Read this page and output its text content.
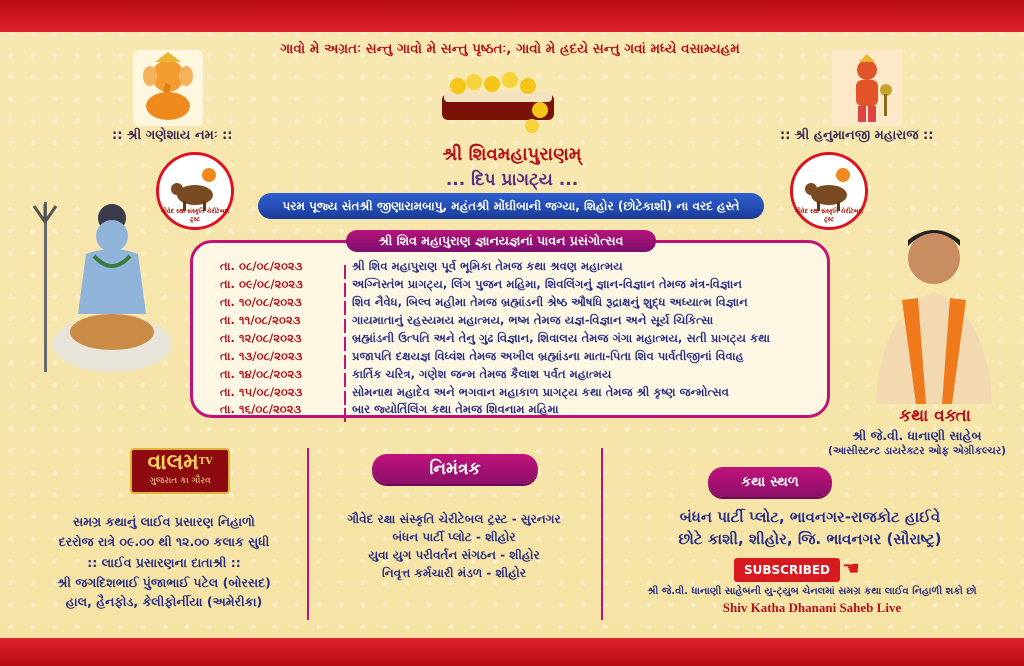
ગાવો મે અગ્રતઃ સન્તુ ગાવો મે સન્તુ પૃષ્ઠતઃ, ગાવો મે હ્રદયે સન્તુ ગવાં મધ્યે વસામ્યહમ
:: શ્રી ગણેશાય નમઃ ::	:: શ્રી હનુમાનજી મહારાજ ::
શ્રી શિવમહાપુરાણમ્
... દિપ પ્રાગટ્ય ...
ગૌવેદ રક્ષા સંસ્કૃતિ ચેરીટેબલ ટ્રસ્ટ
ગૌવેદ રક્ષા સંસ્કૃતિ ચેરીટેબલ ટ્રસ્ટ
પરમ પૂજ્ય સંતશ્રી જીણારામબાપુ, મહંતશ્રી મોંઘીબાની જગ્યા, શિહોર (છોટેકાશી) ના વરદ હસ્તે
કથા વક્તા
શ્રી જે.વી. ધાનાણી સાહેબ
(આસીસ્ટન્ટ ડાયરેક્ટર ઓફ એગ્રીકલ્ચર)
શ્રી શિવ મહાપુરાણ જ્ઞાનયજ્ઞનાં પાવન પ્રસંગોત્સવ
તા. ૦૮/૦૮/૨૦૨૩	શ્રી શિવ મહાપુરાણ પૂર્વ ભૂમિકા તેમજ કથા શ્રવણ મહાત્મય
તા. ૦૯/૦૮/૨૦૨૩	અગ્નિસ્તંભ પ્રાગટ્ય, લિંગ પુજન મહિમા, શિવલિંગનું જ્ઞાન-વિજ્ઞાન તેમજ મંત્ર-વિજ્ઞાન
તા. ૧૦/૦૮/૨૦૨૩	શિવ નૈવેધ, બિલ્વ મહીમા તેમજ બ્રહ્માંડની શ્રેષ્ઠ ઔષધિ રૂદ્રાક્ષનું શુદ્ધ અધ્યાત્મ વિજ્ઞાન
તા. ૧૧/૦૮/૨૦૨૩	ગાયમાતાનું રહસ્યમય મહાત્મય, ભષ્મ તેમજ યજ્ઞ-વિજ્ઞાન અને સૂર્ય ચિકિત્સા
તા. ૧૨/૦૮/૨૦૨૩	બ્રહ્માંડની ઉત્પતિ અને તેનુ ગુઢ વિજ્ઞાન, શિવાલય તેમજ ગંગા મહાત્મય, સતી પ્રાગટ્ય કથા
તા. ૧૩/૦૮/૨૦૨૩	પ્રજાપતિ દક્ષયજ્ઞ વિધ્વંશ તેમજ અખીલ બ્રહ્માંડના માતા-પિતા શિવ પાર્વતીજીનાં વિવાહ
તા. ૧૪/૦૮/૨૦૨૩	કાર્તિક ચરિત્ર, ગણેશ જન્મ તેમજ કૈલાશ પર્વત મહાત્મય
તા. ૧૫/૦૮/૨૦૨૩	સોમનાથ મહાદેવ અને ભગવાન મહાકાળ પ્રાગટ્ય કથા તેમજ શ્રી કૃષ્ણ જન્મોત્સવ
તા. ૧૬/૦૮/૨૦૨૩	બાર જ્યોર્તિલિંગ કથા તેમજ શિવનામ મહિમા
વાલમ$^{TV}$
ગુજરાત કા ગૌરવ
સમગ્ર કથાનું લાઈવ પ્રસારણ નિહાળો
દરરોજ રાત્રે ૦૯.૦૦ થી ૧૨.૦૦ કલાક સુધી
:: લાઈવ પ્રસારણના દાતાશ્રી ::
શ્રી જગદિશભાઈ પુંજાભાઈ પટેલ (બોરસદ)
હાલ, હૈનફોડ, કેલીફોર્નીયા (અમેરીકા)
નિમંત્રક
ગૌવેદ રક્ષા સંસ્કૃતિ ચેરીટેબલ ટ્રસ્ટ - સુરનગર
બંધન પાર્ટી પ્લોટ - શીહોર
યુવા યુગ પરીવર્તન સંગઠન - શીહોર
નિવૃત્ત કર્મચારી મંડળ - શીહોર
કથા સ્થળ
બંધન પાર્ટી પ્લોટ, ભાવનગર-રાજકોટ હાઈવે
છોટે કાશી, શીહોર, જિ. ભાવનગર (સૌરાષ્ટ્ર)
SUBSCRIBED ☚
શ્રી જે.વી. ધાનાણી સાહેબની યુ-ટ્યુબ ચેનલમાં સમગ્ર કથા લાઈવ નિહાળી શકો છો
Shiv Katha Dhanani Saheb Live
